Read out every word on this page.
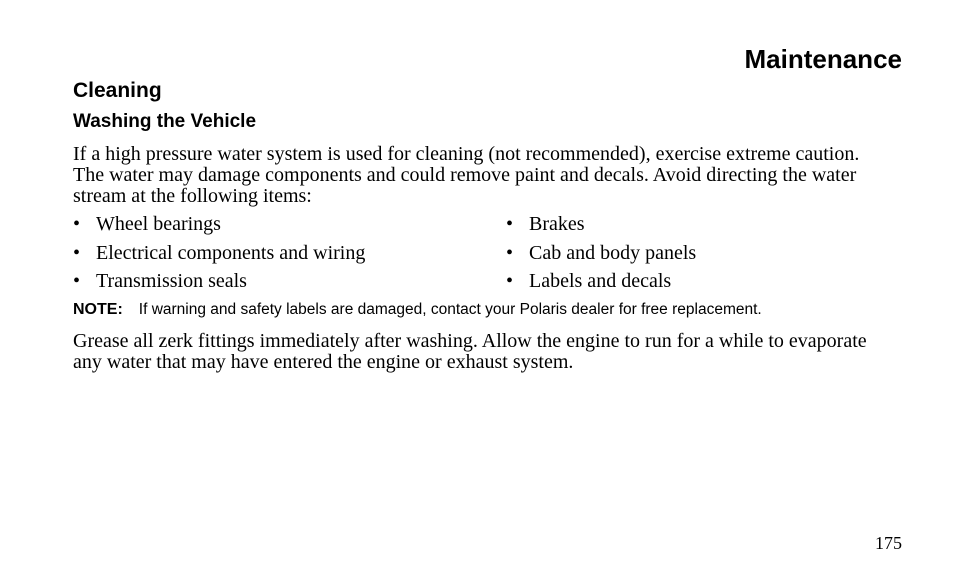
Maintenance
Cleaning
Washing the Vehicle

If a high pressure water system is used for cleaning (not recommended), exercise extreme caution. The water may damage components and could remove paint and decals. Avoid directing the water stream at the following items:

• Wheel bearings	• Brakes
• Electrical components and wiring	• Cab and body panels
• Transmission seals	• Labels and decals

NOTE: If warning and safety labels are damaged, contact your Polaris dealer for free replacement.

Grease all zerk fittings immediately after washing. Allow the engine to run for a while to evaporate any water that may have entered the engine or exhaust system.

175
